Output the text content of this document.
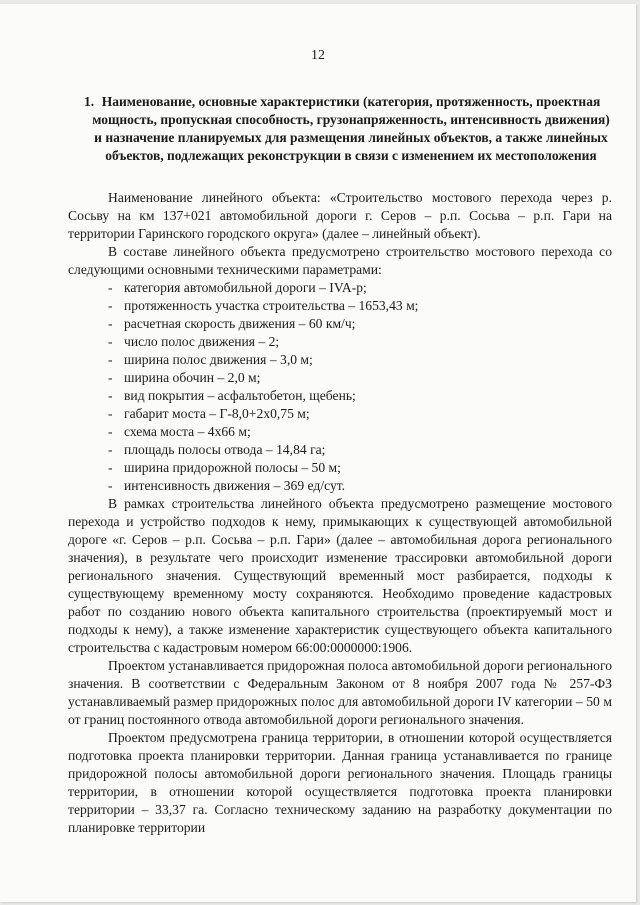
12
1. Наименование, основные характеристики (категория, протяженность, проектная мощность, пропускная способность, грузонапряженность, интенсивность движения) и назначение планируемых для размещения линейных объектов, а также линейных объектов, подлежащих реконструкции в связи с изменением их местоположения

Наименование линейного объекта: «Строительство мостового перехода через р. Сосьву на км 137+021 автомобильной дороги г. Серов – р.п. Сосьва – р.п. Гари на территории Гаринского городского округа» (далее – линейный объект).

В составе линейного объекта предусмотрено строительство мостового перехода со следующими основными техническими параметрами:

- категория автомобильной дороги – IVA-р;
- протяженность участка строительства – 1653,43 м;
- расчетная скорость движения – 60 км/ч;
- число полос движения – 2;
- ширина полос движения – 3,0 м;
- ширина обочин – 2,0 м;
- вид покрытия – асфальтобетон, щебень;
- габарит моста – Г-8,0+2x0,75 м;
- схема моста – 4x66 м;
- площадь полосы отвода – 14,84 га;
- ширина придорожной полосы – 50 м;
- интенсивность движения – 369 ед/сут.

В рамках строительства линейного объекта предусмотрено размещение мостового перехода и устройство подходов к нему, примыкающих к существующей автомобильной дороге «г. Серов – р.п. Сосьва – р.п. Гари» (далее – автомобильная дорога регионального значения), в результате чего происходит изменение трассировки автомобильной дороги регионального значения. Существующий временный мост разбирается, подходы к существующему временному мосту сохраняются. Необходимо проведение кадастровых работ по созданию нового объекта капитального строительства (проектируемый мост и подходы к нему), а также изменение характеристик существующего объекта капитального строительства с кадастровым номером 66:00:0000000:1906.

Проектом устанавливается придорожная полоса автомобильной дороги регионального значения. В соответствии с Федеральным Законом от 8 ноября 2007 года № 257-ФЗ устанавливаемый размер придорожных полос для автомобильной дороги IV категории – 50 м от границ постоянного отвода автомобильной дороги регионального значения.

Проектом предусмотрена граница территории, в отношении которой осуществляется подготовка проекта планировки территории. Данная граница устанавливается по границе придорожной полосы автомобильной дороги регионального значения. Площадь границы территории, в отношении которой осуществляется подготовка проекта планировки территории – 33,37 га. Согласно техническому заданию на разработку документации по планировке территории
